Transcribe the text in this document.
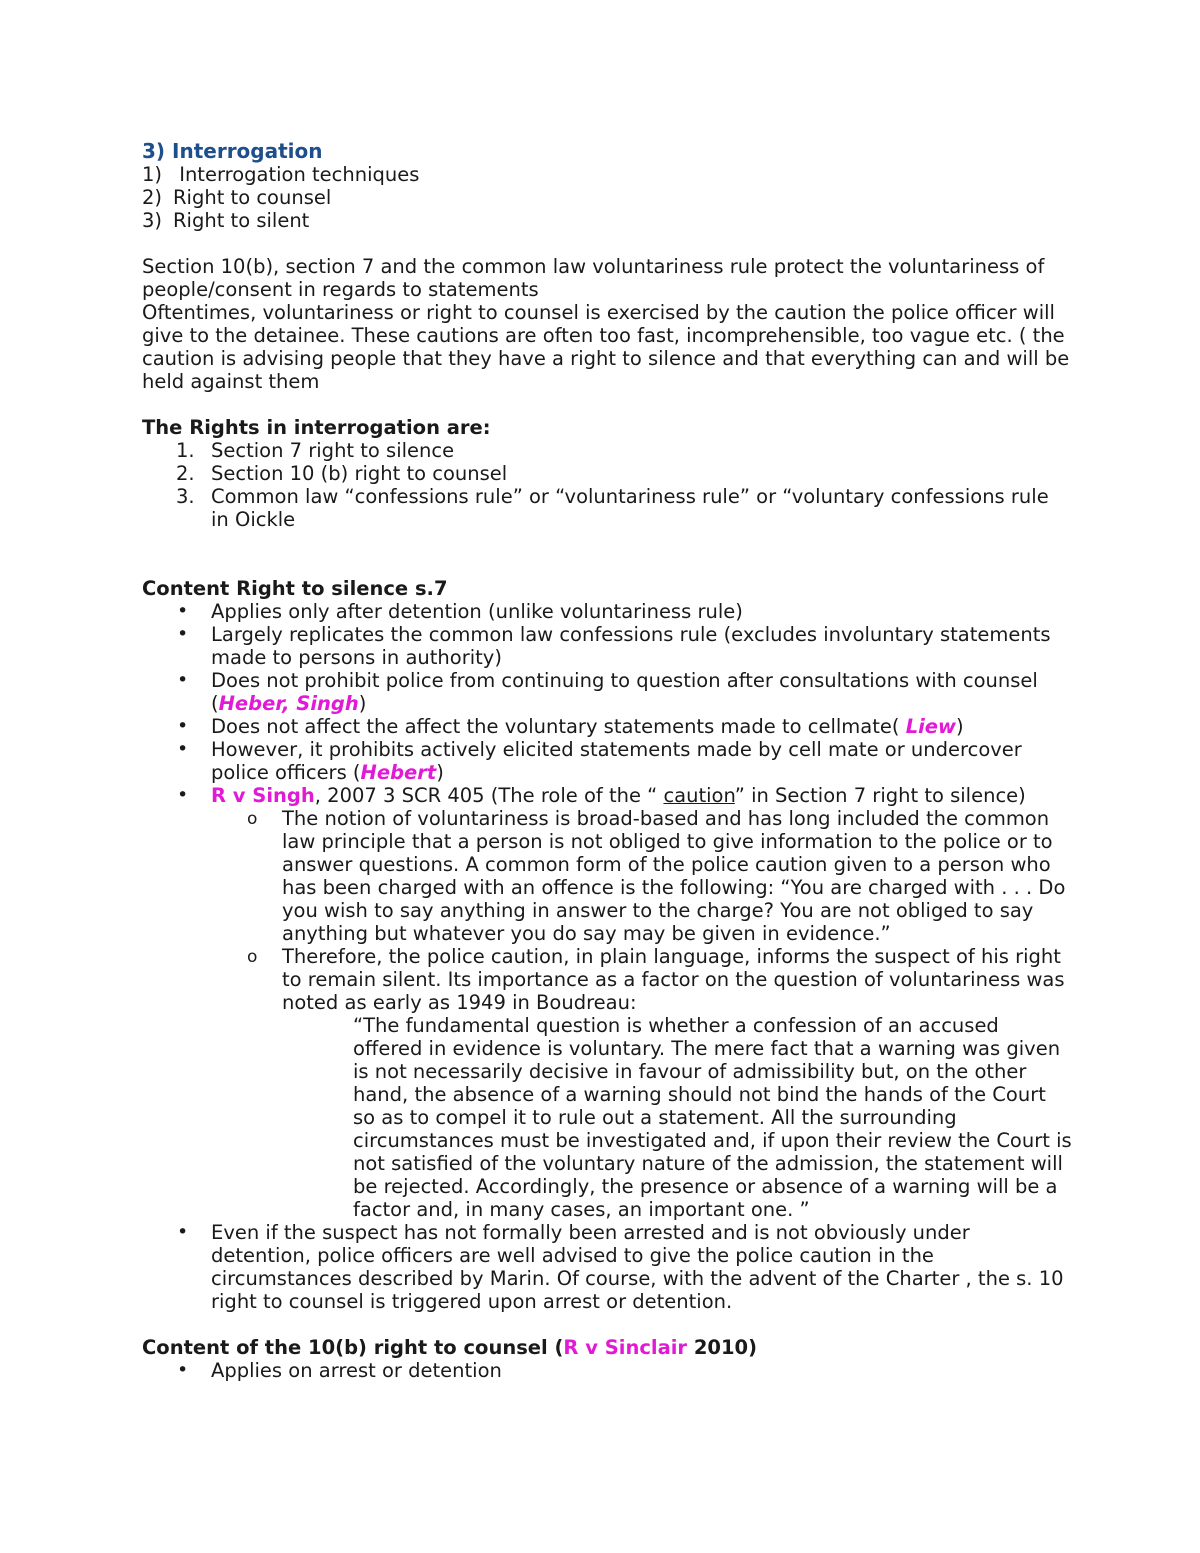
3) Interrogation

1) Interrogation techniques
2) Right to counsel
3) Right to silent

Section 10(b), section 7 and the common law voluntariness rule protect the voluntariness of people/consent in regards to statements

Oftentimes, voluntariness or right to counsel is exercised by the caution the police officer will give to the detainee. These cautions are often too fast, incomprehensible, too vague etc. ( the caution is advising people that they have a right to silence and that everything can and will be held against them

The Rights in interrogation are:

1. Section 7 right to silence
2. Section 10 (b) right to counsel
3. Common law “confessions rule” or “voluntariness rule” or “voluntary confessions rule in Oickle

Content Right to silence s.7

• Applies only after detention (unlike voluntariness rule)
• Largely replicates the common law confessions rule (excludes involuntary statements made to persons in authority)
• Does not prohibit police from continuing to question after consultations with counsel (Heber, Singh)
• Does not affect the affect the voluntary statements made to cellmate( Liew)
• However, it prohibits actively elicited statements made by cell mate or undercover police officers (Hebert)
• R v Singh, 2007 3 SCR 405 (The role of the “ caution” in Section 7 right to silence)
o The notion of voluntariness is broad-based and has long included the common law principle that a person is not obliged to give information to the police or to answer questions. A common form of the police caution given to a person who has been charged with an offence is the following: “You are charged with . . . Do you wish to say anything in answer to the charge? You are not obliged to say anything but whatever you do say may be given in evidence.”
o Therefore, the police caution, in plain language, informs the suspect of his right to remain silent. Its importance as a factor on the question of voluntariness was noted as early as 1949 in Boudreau:

“The fundamental question is whether a confession of an accused offered in evidence is voluntary. The mere fact that a warning was given is not necessarily decisive in favour of admissibility but, on the other hand, the absence of a warning should not bind the hands of the Court so as to compel it to rule out a statement. All the surrounding circumstances must be investigated and, if upon their review the Court is not satisfied of the voluntary nature of the admission, the statement will be rejected. Accordingly, the presence or absence of a warning will be a factor and, in many cases, an important one. ”

• Even if the suspect has not formally been arrested and is not obviously under detention, police officers are well advised to give the police caution in the circumstances described by Marin. Of course, with the advent of the Charter , the s. 10 right to counsel is triggered upon arrest or detention.

Content of the 10(b) right to counsel (R v Sinclair 2010)

• Applies on arrest or detention
